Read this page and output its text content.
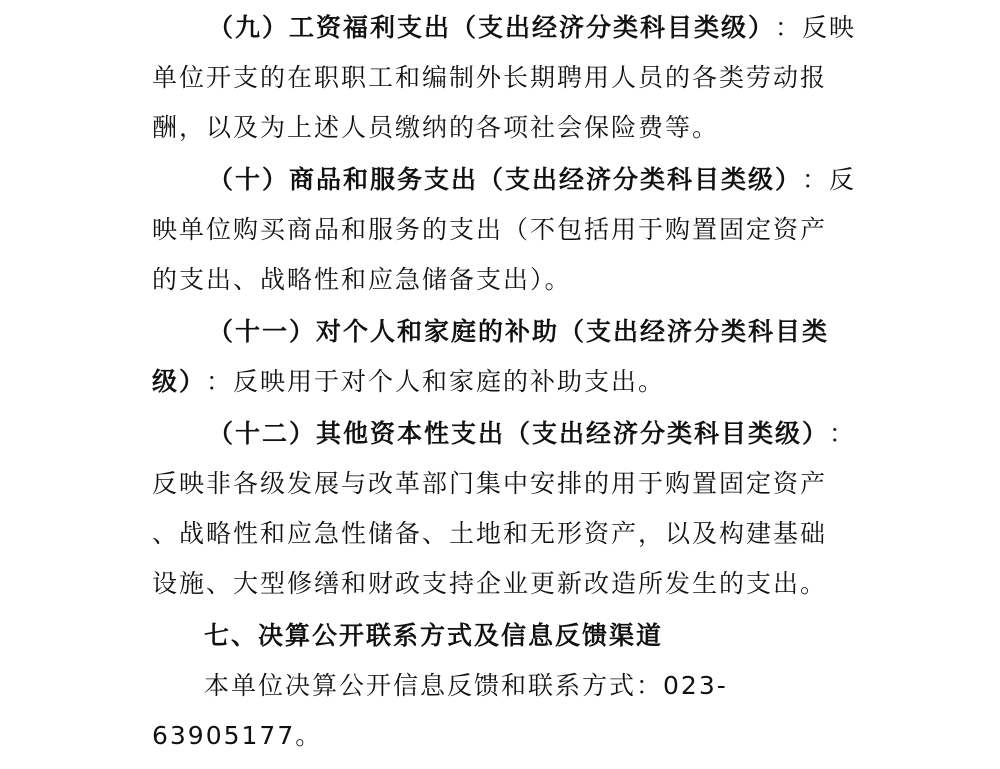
（九）工资福利支出（支出经济分类科目类级）：反映
单位开支的在职职工和编制外长期聘用人员的各类劳动报
酬，以及为上述人员缴纳的各项社会保险费等。
（十）商品和服务支出（支出经济分类科目类级）：反
映单位购买商品和服务的支出（不包括用于购置固定资产
的支出、战略性和应急储备支出）。
（十一）对个人和家庭的补助（支出经济分类科目类
级）：反映用于对个人和家庭的补助支出。
（十二）其他资本性支出（支出经济分类科目类级）：
反映非各级发展与改革部门集中安排的用于购置固定资产
、战略性和应急性储备、土地和无形资产，以及构建基础
设施、大型修缮和财政支持企业更新改造所发生的支出。
七、决算公开联系方式及信息反馈渠道
本单位决算公开信息反馈和联系方式：023-
63905177。
